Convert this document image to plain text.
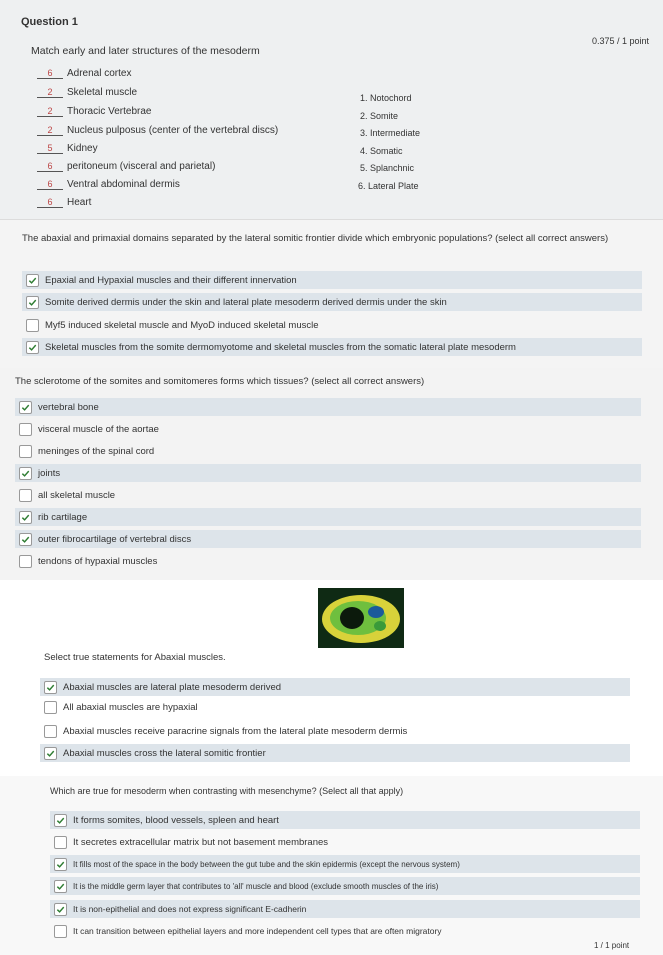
Question 1
0.375 / 1 point
Match early and later structures of the mesoderm
6 Adrenal cortex
2 Skeletal muscle
2 Thoracic Vertebrae
2 Nucleus pulposus (center of the vertebral discs)
5 Kidney
6 peritoneum (visceral and parietal)
6 Ventral abdominal dermis
6 Heart
1. Notochord
2. Somite
3. Intermediate
4. Somatic
5. Splanchnic
6. Lateral Plate
The abaxial and primaxial domains separated by the lateral somitic frontier divide which embryonic populations? (select all correct answers)
Epaxial and Hypaxial muscles and their different innervation
Somite derived dermis under the skin and lateral plate mesoderm derived dermis under the skin
Myf5 induced skeletal muscle and MyoD induced skeletal muscle
Skeletal muscles from the somite dermomyotome and skeletal muscles from the somatic lateral plate mesoderm
The sclerotome of the somites and somitomeres forms which tissues? (select all correct answers)
vertebral bone
visceral muscle of the aortae
meninges of the spinal cord
joints
all skeletal muscle
rib cartilage
outer fibrocartilage of vertebral discs
tendons of hypaxial muscles
Select true statements for Abaxial muscles.
Abaxial muscles are lateral plate mesoderm derived
All abaxial muscles are hypaxial
Abaxial muscles receive paracrine signals from the lateral plate mesoderm dermis
Abaxial muscles cross the lateral somitic frontier
Which are true for mesoderm when contrasting with mesenchyme? (Select all that apply)
It forms somites, blood vessels, spleen and heart
It secretes extracellular matrix but not basement membranes
It fills most of the space in the body between the gut tube and the skin epidermis (except the nervous system)
It is the middle germ layer that contributes to 'all' muscle and blood (exclude smooth muscles of the iris)
It is non-epithelial and does not express significant E-cadherin
It can transition between epithelial layers and more independent cell types that are often migratory
1 / 1 point
